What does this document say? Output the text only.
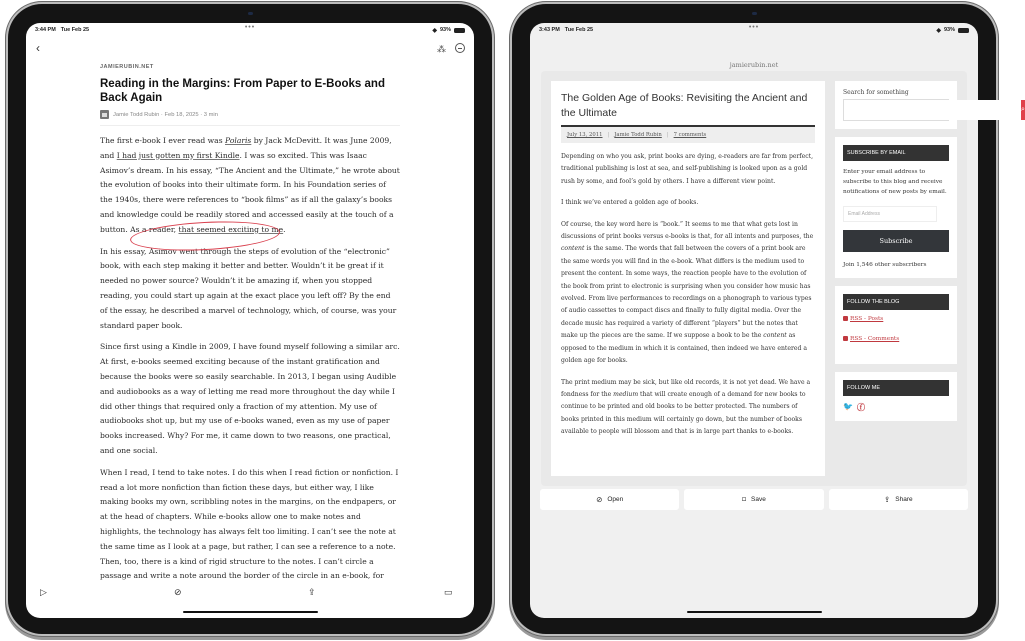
3:44 PM Tue Feb 25	•••	◆ 93%
‹	⁂
JAMIERUBIN.NET
Reading in the Margins: From Paper to E-Books and Back Again
Jamie Todd Rubin · Feb 18, 2025 · 3 min

The first e-book I ever read was Polaris by Jack McDevitt. It was June 2009, and I had just gotten my first Kindle. I was so excited. This was Isaac Asimov’s dream. In his essay, “The Ancient and the Ultimate,” he wrote about the evolution of books into their ultimate form. In his Foundation series of the 1940s, there were references to “book films” as if all the galaxy’s books and knowledge could be readily stored and accessed easily at the touch of a button. As a reader, that seemed exciting to me.

In his essay, Asimov went through the steps of evolution of the “electronic” book, with each step making it better and better. Wouldn’t it be great if it needed no power source? Wouldn’t it be amazing if, when you stopped reading, you could start up again at the exact place you left off? By the end of the essay, he described a marvel of technology, which, of course, was your standard paper book.

Since first using a Kindle in 2009, I have found myself following a similar arc. At first, e-books seemed exciting because of the instant gratification and because the books were so easily searchable. In 2013, I began using Audible and audiobooks as a way of letting me read more throughout the day while I did other things that required only a fraction of my attention. My use of audiobooks shot up, but my use of e-books waned, even as my use of paper books increased. Why? For me, it came down to two reasons, one practical, and one social.

When I read, I tend to take notes. I do this when I read fiction or nonfiction. I read a lot more nonfiction than fiction these days, but either way, I like making books my own, scribbling notes in the margins, on the endpapers, or at the head of chapters. While e-books allow one to make notes and highlights, the technology has always felt too limiting. I can’t see the note at the same time as I look at a page, but rather, I can see a reference to a note. Then, too, there is a kind of rigid structure to the notes. I can’t circle a passage and write a note around the border of the circle in an e-book, for

▷	⊘	⇪	▭
3:43 PM Tue Feb 25	•••	◆ 93%
jamierubin.net
The Golden Age of Books: Revisiting the Ancient and the Ultimate
July 13, 2011 | Jamie Todd Rubin | 7 comments

Depending on who you ask, print books are dying, e-readers are far from perfect, traditional publishing is lost at sea, and self-publishing is looked upon as a gold rush by some, and fool’s gold by others. I have a different view point.

I think we’ve entered a golden age of books.

Of course, the key word here is “book.” It seems to me that what gets lost in discussions of print books versus e-books is that, for all intents and purposes, the content is the same. The words that fall between the covers of a print book are the same words you will find in the e-book. What differs is the medium used to present the content. In some ways, the reaction people have to the evolution of the book from print to electronic is surprising when you consider how music has evolved. From live performances to recordings on a phonograph to various types of audio cassettes to compact discs and finally to fully digital media. Over the decade music has required a variety of different “players” but the notes that make up the pieces are the same. If we suppose a book to be the content as opposed to the medium in which it is contained, then indeed we have entered a golden age for books.

The print medium may be sick, but like old records, it is not yet dead. We have a fondness for the medium that will create enough of a demand for new books to continue to be printed and old books to be better protected. The numbers of books printed in this medium will certainly go down, but the number of books available to people will blossom and that is in large part thanks to e-books.

Search for something
⌕
SUBSCRIBE BY EMAIL
Enter your email address to subscribe to this blog and receive notifications of new posts by email.
Email Address
Subscribe
Join 1,546 other subscribers
FOLLOW THE BLOG
RSS - Posts
RSS - Comments
FOLLOW ME
🐦 ⓕ
⊘ Open	⌑ Save	⇪ Share
